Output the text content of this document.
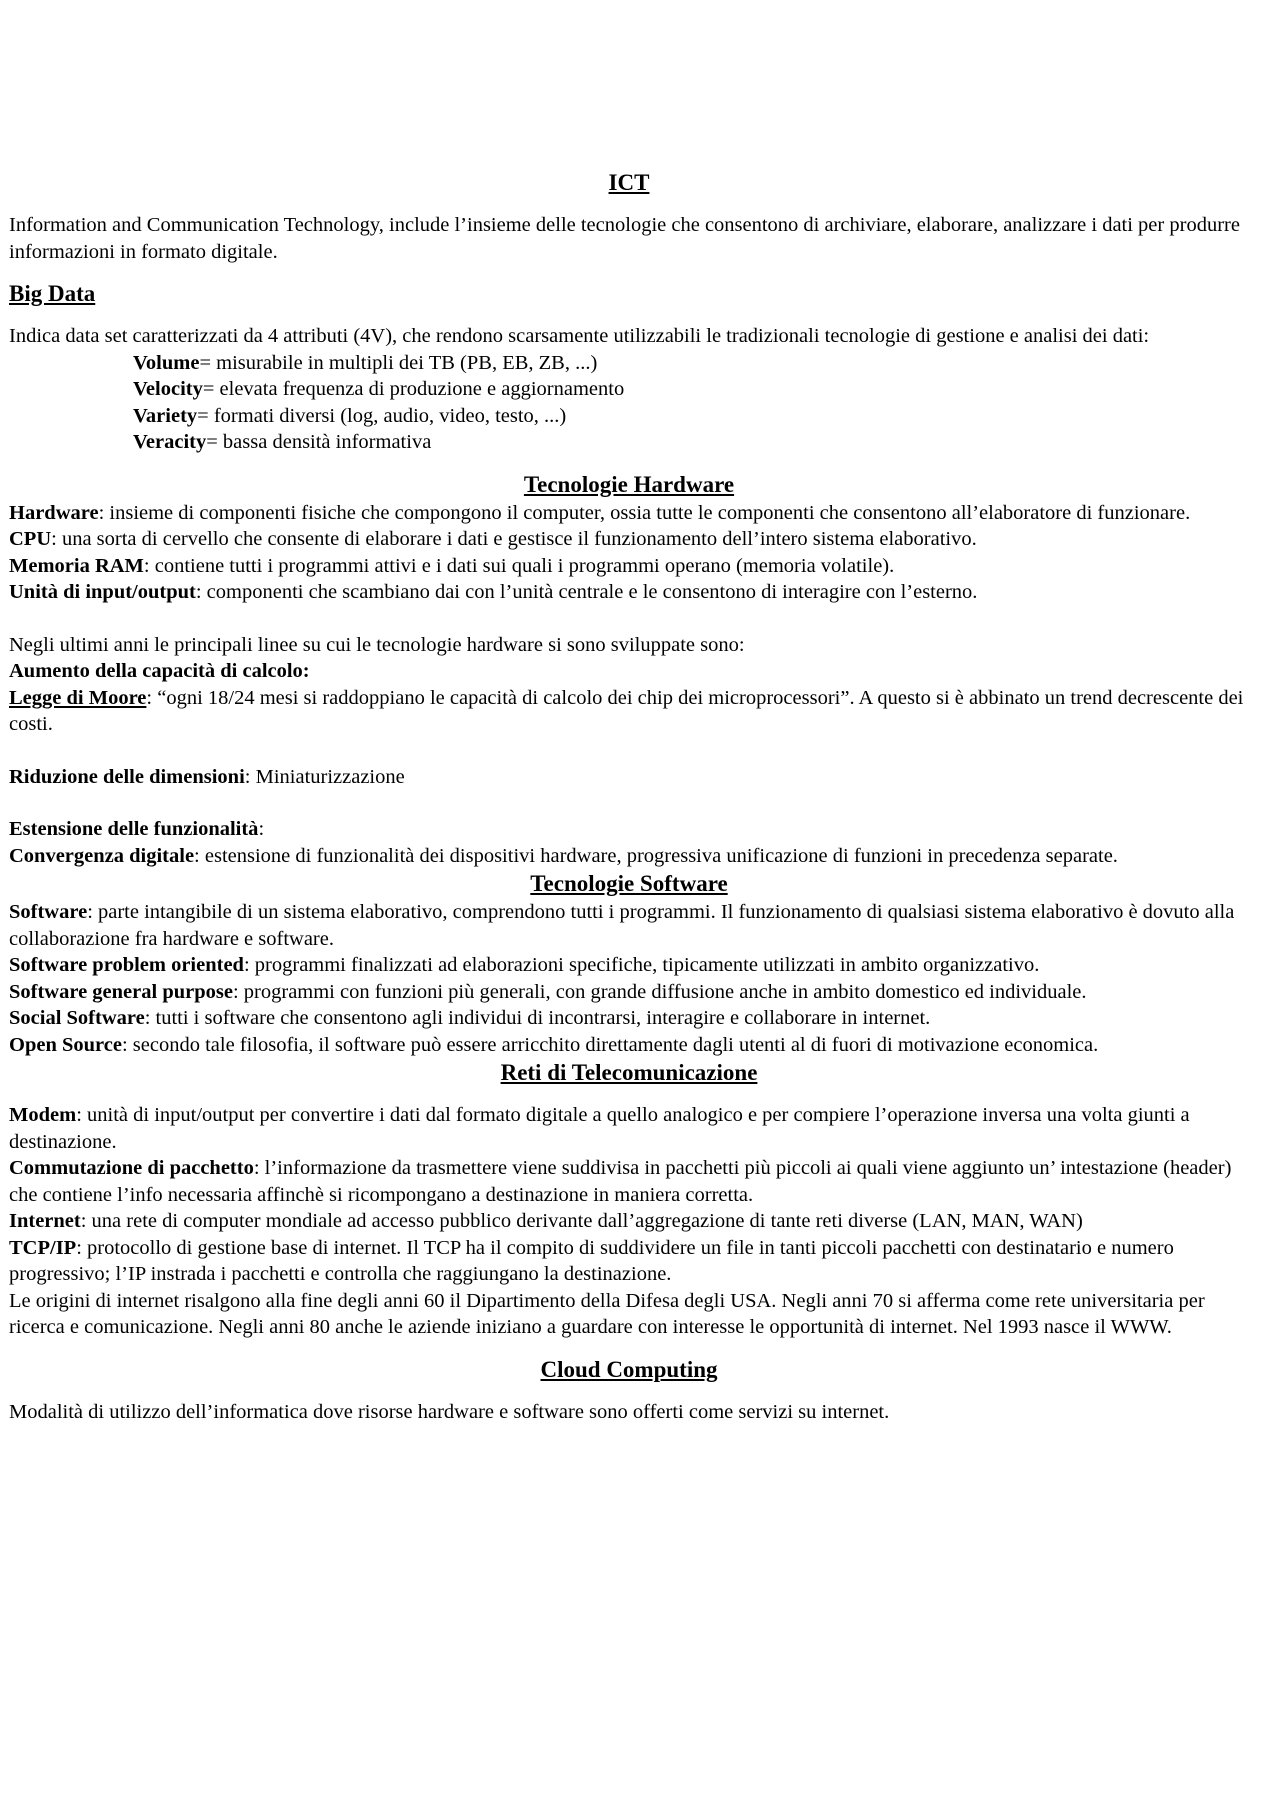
ICT

Information and Communication Technology, include l’insieme delle tecnologie che consentono di archiviare, elaborare, analizzare i dati per produrre informazioni in formato digitale.

Big Data

Indica data set caratterizzati da 4 attributi (4V), che rendono scarsamente utilizzabili le tradizionali tecnologie di gestione e analisi dei dati:

Volume= misurabile in multipli dei TB (PB, EB, ZB, ...)

Velocity= elevata frequenza di produzione e aggiornamento

Variety= formati diversi (log, audio, video, testo, ...)

Veracity= bassa densità informativa

Tecnologie Hardware

Hardware: insieme di componenti fisiche che compongono il computer, ossia tutte le componenti che consentono all’elaboratore di funzionare.

CPU: una sorta di cervello che consente di elaborare i dati e gestisce il funzionamento dell’intero sistema elaborativo.

Memoria RAM: contiene tutti i programmi attivi e i dati sui quali i programmi operano (memoria volatile).

Unità di input/output: componenti che scambiano dai con l’unità centrale e le consentono di interagire con l’esterno.

Negli ultimi anni le principali linee su cui le tecnologie hardware si sono sviluppate sono:

Aumento della capacità di calcolo:

Legge di Moore: “ogni 18/24 mesi si raddoppiano le capacità di calcolo dei chip dei microprocessori”. A questo si è abbinato un trend decrescente dei costi.

Riduzione delle dimensioni: Miniaturizzazione

Estensione delle funzionalità:

Convergenza digitale: estensione di funzionalità dei dispositivi hardware, progressiva unificazione di funzioni in precedenza separate.

Tecnologie Software

Software: parte intangibile di un sistema elaborativo, comprendono tutti i programmi. Il funzionamento di qualsiasi sistema elaborativo è dovuto alla collaborazione fra hardware e software.

Software problem oriented: programmi finalizzati ad elaborazioni specifiche, tipicamente utilizzati in ambito organizzativo.

Software general purpose: programmi con funzioni più generali, con grande diffusione anche in ambito domestico ed individuale.

Social Software: tutti i software che consentono agli individui di incontrarsi, interagire e collaborare in internet.

Open Source: secondo tale filosofia, il software può essere arricchito direttamente dagli utenti al di fuori di motivazione economica.

Reti di Telecomunicazione

Modem: unità di input/output per convertire i dati dal formato digitale a quello analogico e per compiere l’operazione inversa una volta giunti a destinazione.

Commutazione di pacchetto: l’informazione da trasmettere viene suddivisa in pacchetti più piccoli ai quali viene aggiunto un’ intestazione (header) che contiene l’info necessaria affinchè si ricompongano a destinazione in maniera corretta.

Internet: una rete di computer mondiale ad accesso pubblico derivante dall’aggregazione di tante reti diverse (LAN, MAN, WAN)

TCP/IP: protocollo di gestione base di internet. Il TCP ha il compito di suddividere un file in tanti piccoli pacchetti con destinatario e numero progressivo; l’IP instrada i pacchetti e controlla che raggiungano la destinazione.

Le origini di internet risalgono alla fine degli anni 60 il Dipartimento della Difesa degli USA. Negli anni 70 si afferma come rete universitaria per ricerca e comunicazione. Negli anni 80 anche le aziende iniziano a guardare con interesse le opportunità di internet. Nel 1993 nasce il WWW.

Cloud Computing

Modalità di utilizzo dell’informatica dove risorse hardware e software sono offerti come servizi su internet.
